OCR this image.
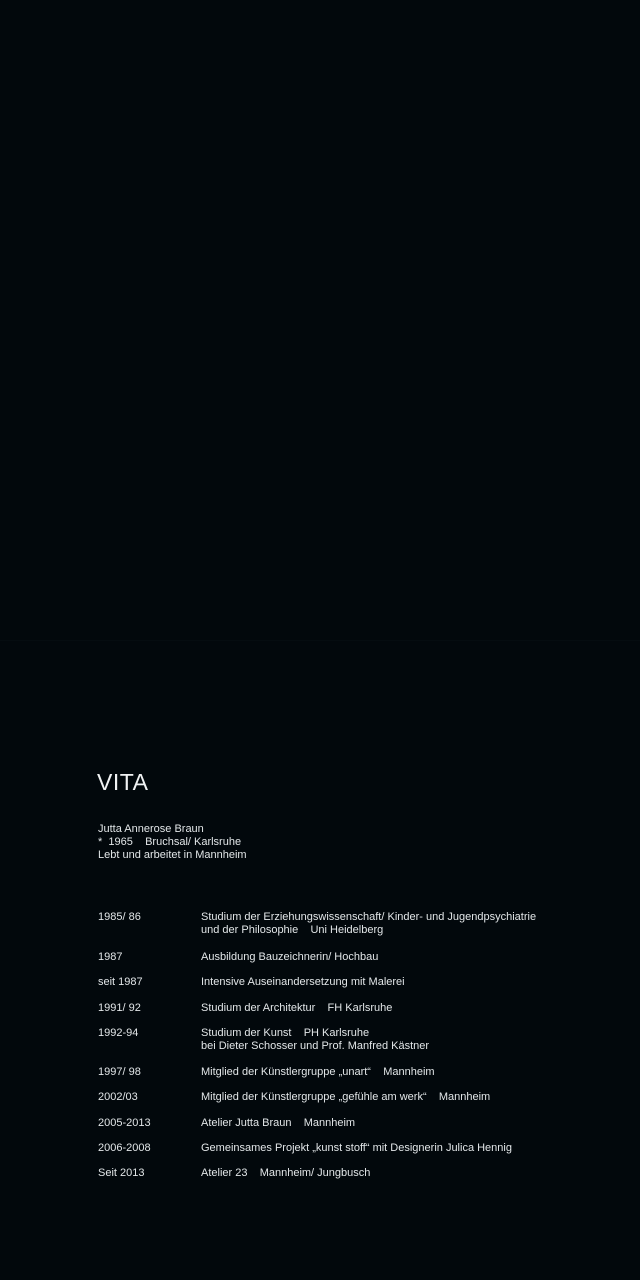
VITA
Jutta Annerose Braun
*  1965    Bruchsal/ Karlsruhe
Lebt und arbeitet in Mannheim
1985/ 86	Studium der Erziehungswissenschaft/ Kinder- und Jugendpsychiatrie
und der Philosophie    Uni Heidelberg
1987	Ausbildung Bauzeichnerin/ Hochbau
seit 1987	Intensive Auseinandersetzung mit Malerei
1991/ 92	Studium der Architektur    FH Karlsruhe
1992-94	Studium der Kunst    PH Karlsruhe
bei Dieter Schosser und Prof. Manfred Kästner
1997/ 98	Mitglied der Künstlergruppe „unart“    Mannheim
2002/03	Mitglied der Künstlergruppe „gefühle am werk“    Mannheim
2005-2013	Atelier Jutta Braun    Mannheim
2006-2008	Gemeinsames Projekt „kunst stoff“ mit Designerin Julica Hennig
Seit 2013	Atelier 23    Mannheim/ Jungbusch
